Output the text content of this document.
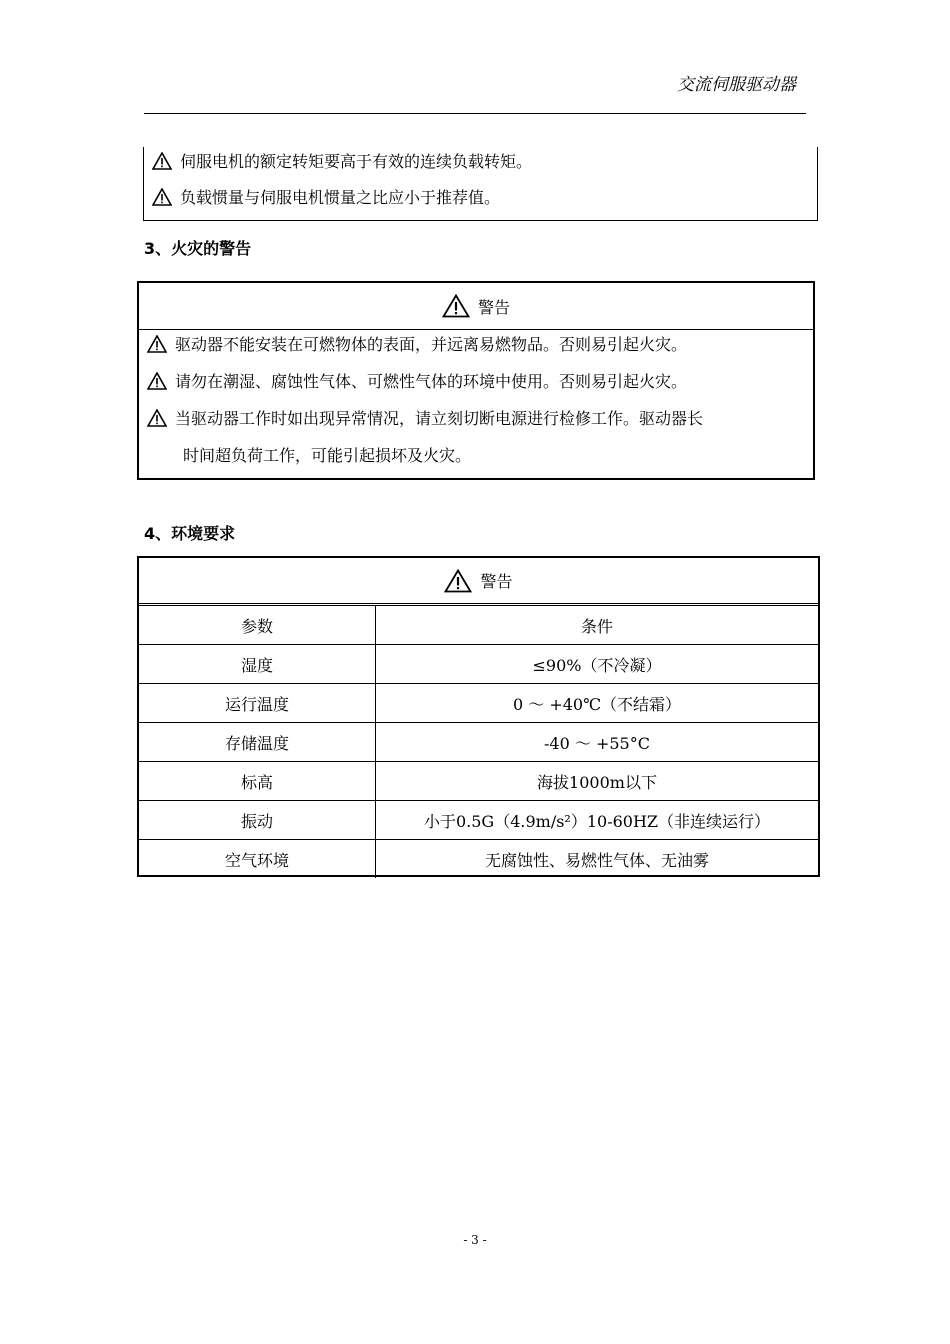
交流伺服驱动器
伺服电机的额定转矩要高于有效的连续负载转矩。
负载惯量与伺服电机惯量之比应小于推荐值。
3、火灾的警告
警告
驱动器不能安装在可燃物体的表面，并远离易燃物品。否则易引起火灾。
请勿在潮湿、腐蚀性气体、可燃性气体的环境中使用。否则易引起火灾。
当驱动器工作时如出现异常情况，请立刻切断电源进行检修工作。驱动器长
时间超负荷工作，可能引起损坏及火灾。
4、环境要求
警告
参数	条件
湿度	≤90%（不冷凝）
运行温度	0 ～ +40℃（不结霜）
存储温度	-40 ～ +55°C
标高	海拔1000m以下
振动	小于0.5G（4.9m/s²）10-60HZ（非连续运行）
空气环境	无腐蚀性、易燃性气体、无油雾
- 3 -
